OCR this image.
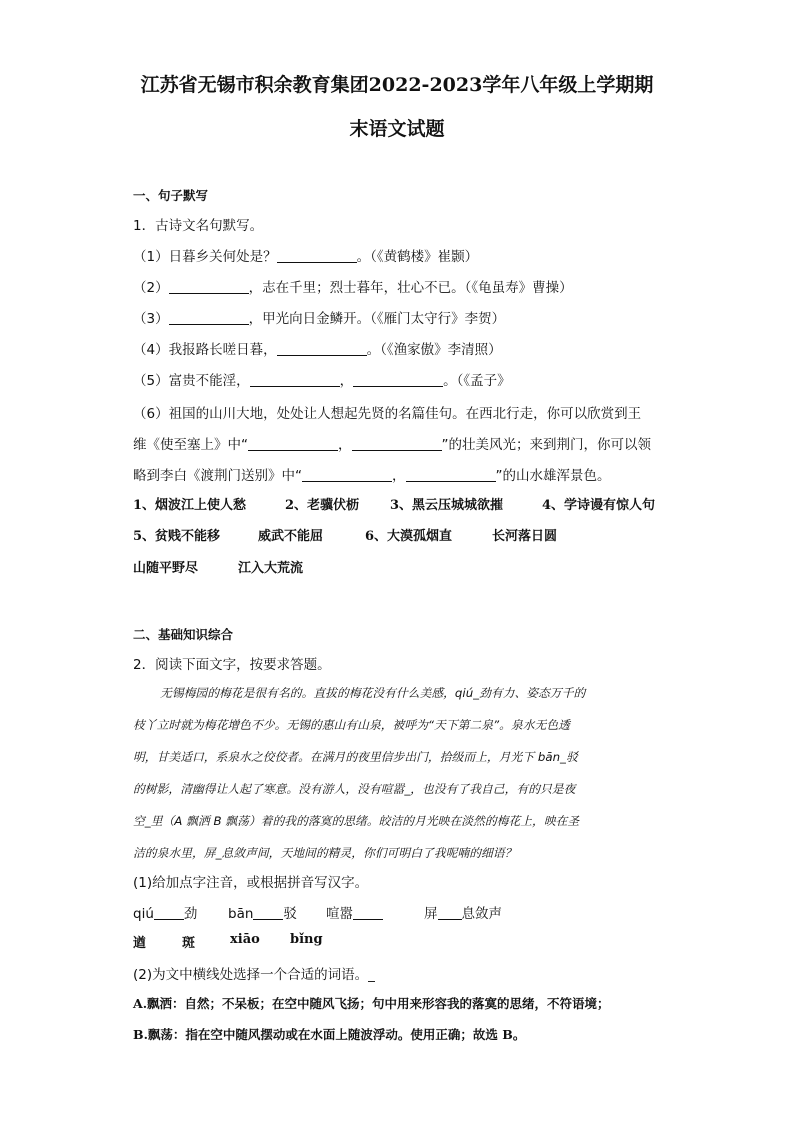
江苏省无锡市积余教育集团2022-2023学年八年级上学期期
末语文试题
一、句子默写
1．古诗文名句默写。
（1）日暮乡关何处是？	。（《黄鹤楼》崔颢）
（2）	，志在千里；烈士暮年，壮心不已。（《龟虽寿》曹操）
（3）	，甲光向日金鳞开。（《雁门太守行》李贺）
（4）我报路长嗟日暮，	。（《渔家傲》李清照）
（5）富贵不能淫，	，	。（《孟子》
（6）祖国的山川大地，处处让人想起先贤的名篇佳句。在西北行走，你可以欣赏到王
维《使至塞上》中“	，	”的壮美风光；来到荆门，你可以领
略到李白《渡荆门送别》中“	，	”的山水雄浑景色。
1、烟波江上使人愁	2、老骥伏枥 3、黑云压城城欲摧	4、学诗谩有惊人句
5、贫贱不能移	威武不能屈	6、大漠孤烟直	长河落日圆
山随平野尽	江入大荒流
二、基础知识综合
2．阅读下面文字，按要求答题。
无锡梅园的梅花是很有名的。直拔的梅花没有什么美感，qiú_劲有力、姿态万千的
枝丫立时就为梅花增色不少。无锡的惠山有山泉，被呼为“天下第二泉”。泉水无色透
明，甘美适口，系泉水之佼佼者。在满月的夜里信步出门，拾级而上，月光下 bān_驳
的树影，清幽得让人起了寒意。没有游人，没有喧嚣_，也没有了我自己，有的只是夜
空_里（A 飘洒 B 飘荡）着的我的落寞的思绪。皎洁的月光映在淡然的梅花上，映在圣
洁的泉水里，屏_息敛声间，天地间的精灵，你们可明白了我呢喃的细语？
(1)给加点字注音，或根据拼音写汉字。
qiú 劲 bān 驳 喧嚣	屏 息敛声
遒	斑	xiāo bǐng
(2)为文中横线处选择一个合适的词语。_
A.飘洒：自然；不呆板；在空中随风飞扬；句中用来形容我的落寞的思绪，不符语境；
B.飘荡：指在空中随风摆动或在水面上随波浮动。使用正确；故选 B。
